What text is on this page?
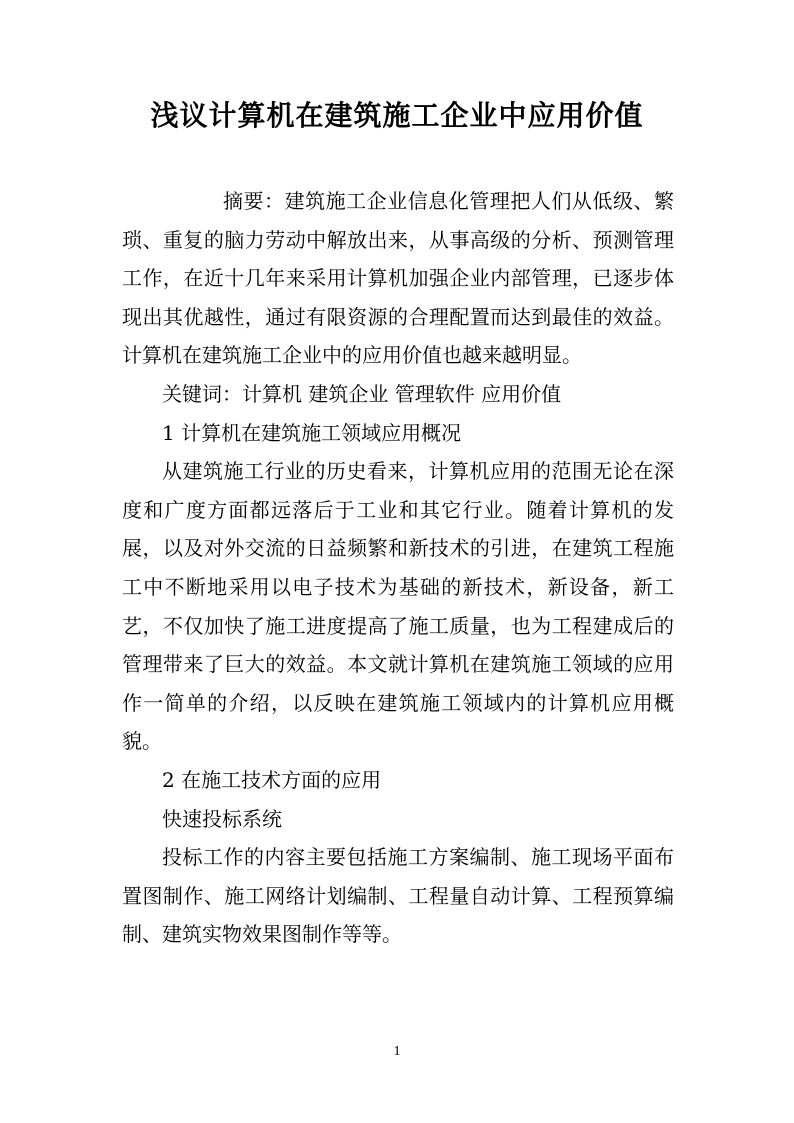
浅议计算机在建筑施工企业中应用价值

摘要：建筑施工企业信息化管理把人们从低级、繁琐、重复的脑力劳动中解放出来，从事高级的分析、预测管理工作，在近十几年来采用计算机加强企业内部管理，已逐步体现出其优越性，通过有限资源的合理配置而达到最佳的效益。计算机在建筑施工企业中的应用价值也越来越明显。

关键词：计算机 建筑企业 管理软件 应用价值

1 计算机在建筑施工领域应用概况

从建筑施工行业的历史看来，计算机应用的范围无论在深度和广度方面都远落后于工业和其它行业。随着计算机的发展，以及对外交流的日益频繁和新技术的引进，在建筑工程施工中不断地采用以电子技术为基础的新技术，新设备，新工艺，不仅加快了施工进度提高了施工质量，也为工程建成后的管理带来了巨大的效益。本文就计算机在建筑施工领域的应用作一简单的介绍，以反映在建筑施工领域内的计算机应用概貌。

2 在施工技术方面的应用

快速投标系统

投标工作的内容主要包括施工方案编制、施工现场平面布置图制作、施工网络计划编制、工程量自动计算、工程预算编制、建筑实物效果图制作等等。

1
